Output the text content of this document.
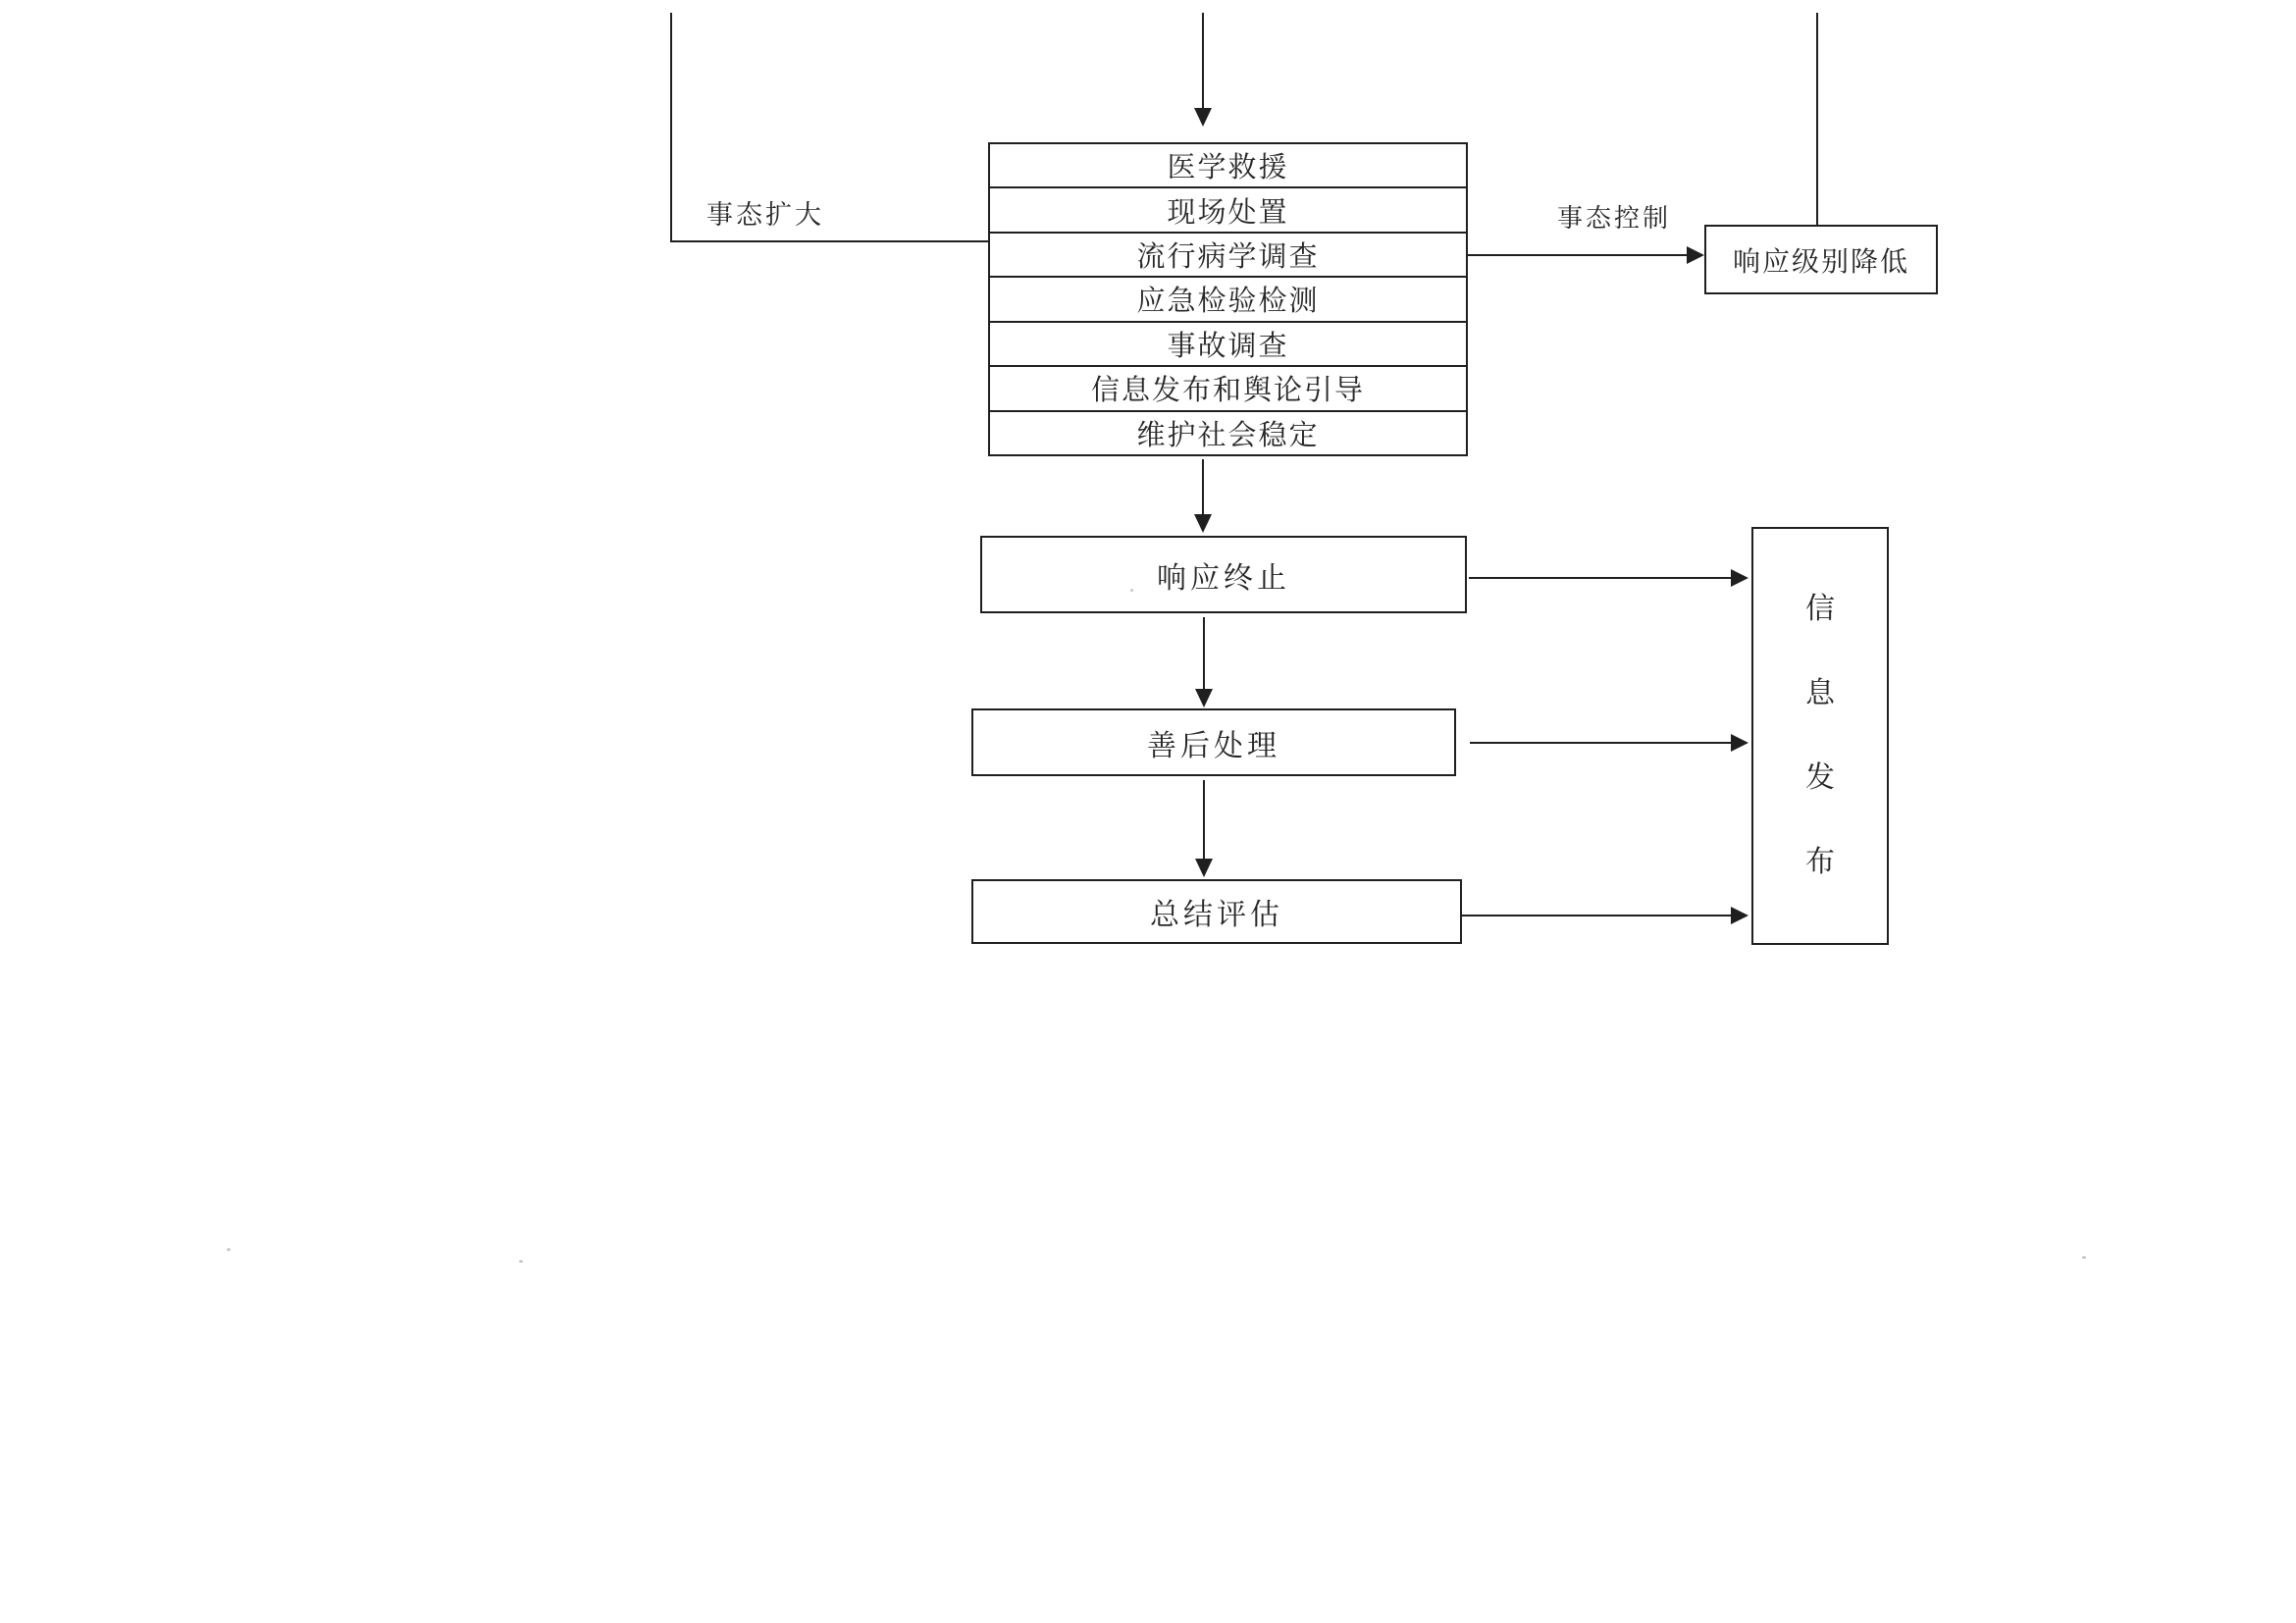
事态扩大
医学救援
现场处置
流行病学调查
应急检验检测
事故调查
信息发布和舆论引导
维护社会稳定
事态控制
响应级别降低
响应终止
善后处理
总结评估
信
息
发
布
